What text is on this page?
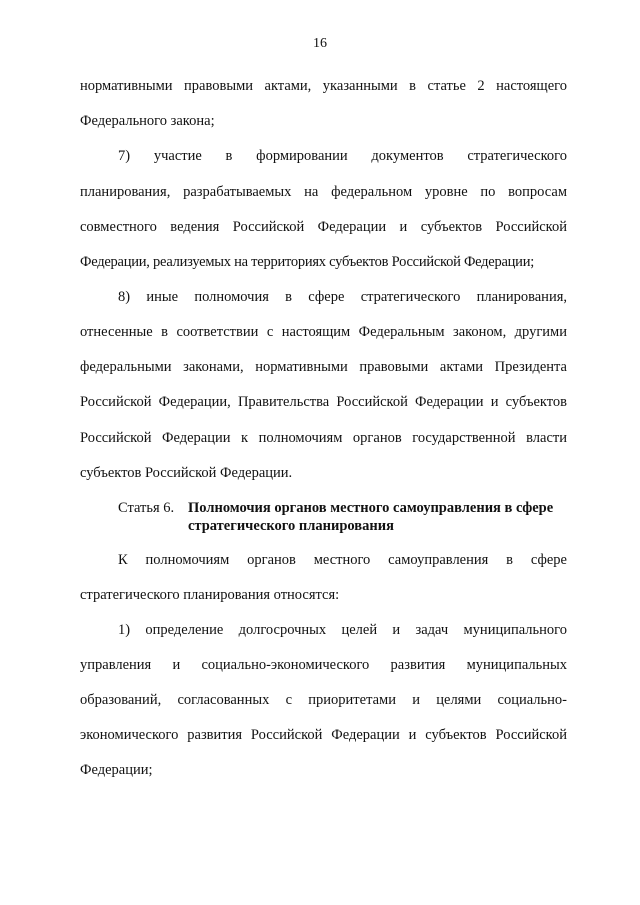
16
нормативными правовыми актами, указанными в статье 2 настоящего
Федерального закона;
7) участие в формировании документов стратегического
планирования, разрабатываемых на федеральном уровне по вопросам
совместного ведения Российской Федерации и субъектов Российской
Федерации, реализуемых на территориях субъектов Российской Федерации;
8) иные полномочия в сфере стратегического планирования,
отнесенные в соответствии с настоящим Федеральным законом, другими
федеральными законами, нормативными правовыми актами Президента
Российской Федерации, Правительства Российской Федерации и субъектов
Российской Федерации к полномочиям органов государственной власти
субъектов Российской Федерации.
Статья 6. Полномочия органов местного самоуправления в сфере
стратегического планирования
К полномочиям органов местного самоуправления в сфере
стратегического планирования относятся:
1) определение долгосрочных целей и задач муниципального
управления и социально-экономического развития муниципальных
образований, согласованных с приоритетами и целями социально-
экономического развития Российской Федерации и субъектов Российской
Федерации;
